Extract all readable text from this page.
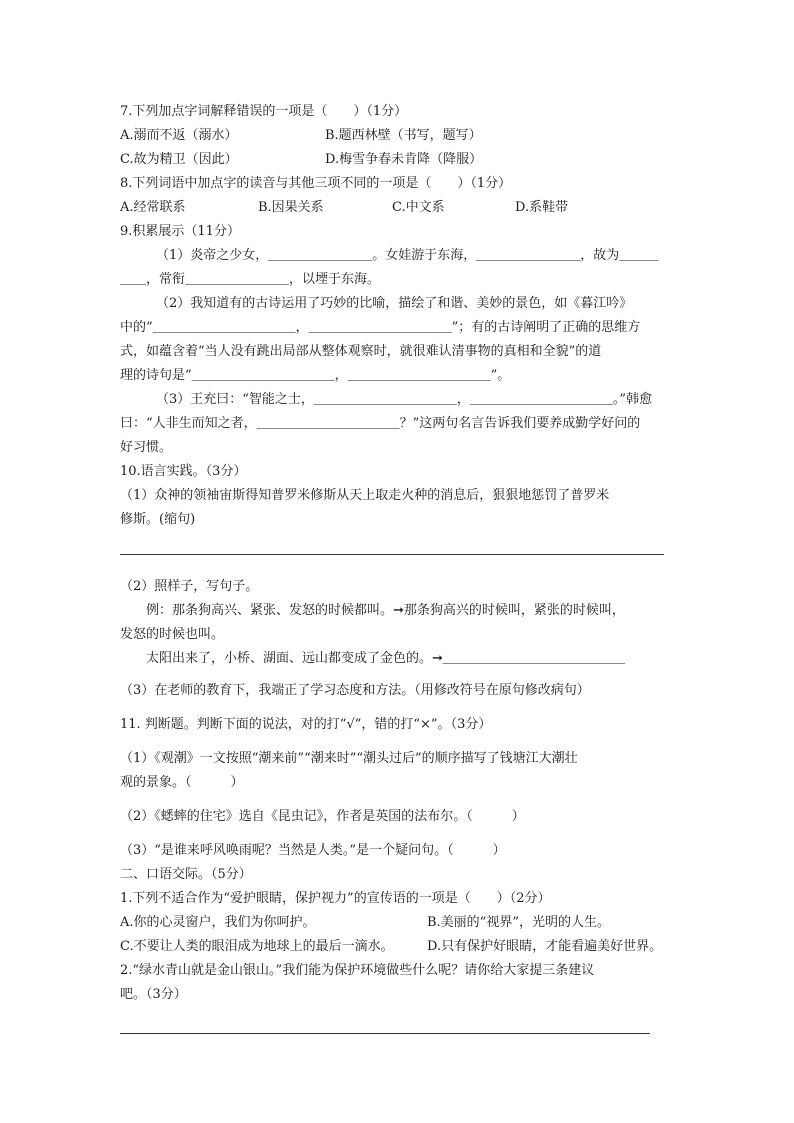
7.下列加点字词解释错误的一项是（　　）（1分）
A.溺而不返（溺水）	B.题西林壁（书写，题写）
C.故为精卫（因此）	D.梅雪争春未肯降（降服）
8.下列词语中加点字的读音与其他三项不同的一项是（　　）（1分）
A.经常联系	B.因果关系	C.中文系	D.系鞋带
9.积累展示（11分）
（1）炎帝之少女，＿＿＿＿＿＿＿＿。女娃游于东海，＿＿＿＿＿＿＿＿，故为＿＿＿
＿＿，常衔＿＿＿＿＿＿＿＿，以堙于东海。
（2）我知道有的古诗运用了巧妙的比喻，描绘了和谐、美妙的景色，如《暮江吟》
中的“＿＿＿＿＿＿＿＿＿＿＿，＿＿＿＿＿＿＿＿＿＿＿”；有的古诗阐明了正确的思维方
式，如蕴含着“当人没有跳出局部从整体观察时，就很难认清事物的真相和全貌”的道
理的诗句是“＿＿＿＿＿＿＿＿＿＿＿，＿＿＿＿＿＿＿＿＿＿＿”。
（3）王充曰：“智能之士，＿＿＿＿＿＿＿＿＿＿＿，＿＿＿＿＿＿＿＿＿＿＿。”韩愈
曰：“人非生而知之者，＿＿＿＿＿＿＿＿＿＿＿？”这两句名言告诉我们要养成勤学好问的
好习惯。
10.语言实践。（3分）
（1）众神的领袖宙斯得知普罗米修斯从天上取走火种的消息后，狠狠地惩罚了普罗米
修斯。(缩句)
（2）照样子，写句子。
例：那条狗高兴、紧张、发怒的时候都叫。➞那条狗高兴的时候叫，紧张的时候叫，
发怒的时候也叫。
太阳出来了，小桥、湖面、远山都变成了金色的。➞＿＿＿＿＿＿＿＿＿＿＿＿＿＿
（3）在老师的教育下，我端正了学习态度和方法。（用修改符号在原句修改病句）
11. 判断题。判断下面的说法，对的打“√”，错的打“×”。（3分）
（1）《观潮》一文按照“潮来前”“潮来时”“潮头过后”的顺序描写了钱塘江大潮壮
观的景象。（　　　）
（2）《蟋蟀的住宅》选自《昆虫记》，作者是英国的法布尔。（　　　）
（3）“是谁来呼风唤雨呢？当然是人类。”是一个疑问句。（　　　）
二、口语交际。（5分）
1.下列不适合作为“爱护眼睛，保护视力”的宣传语的一项是（　　）（2分）
A.你的心灵窗户，我们为你呵护。	B.美丽的“视界”，光明的人生。
C.不要让人类的眼泪成为地球上的最后一滴水。	D.只有保护好眼睛，才能看遍美好世界。
2.“绿水青山就是金山银山。”我们能为保护环境做些什么呢？请你给大家提三条建议
吧。（3分）
